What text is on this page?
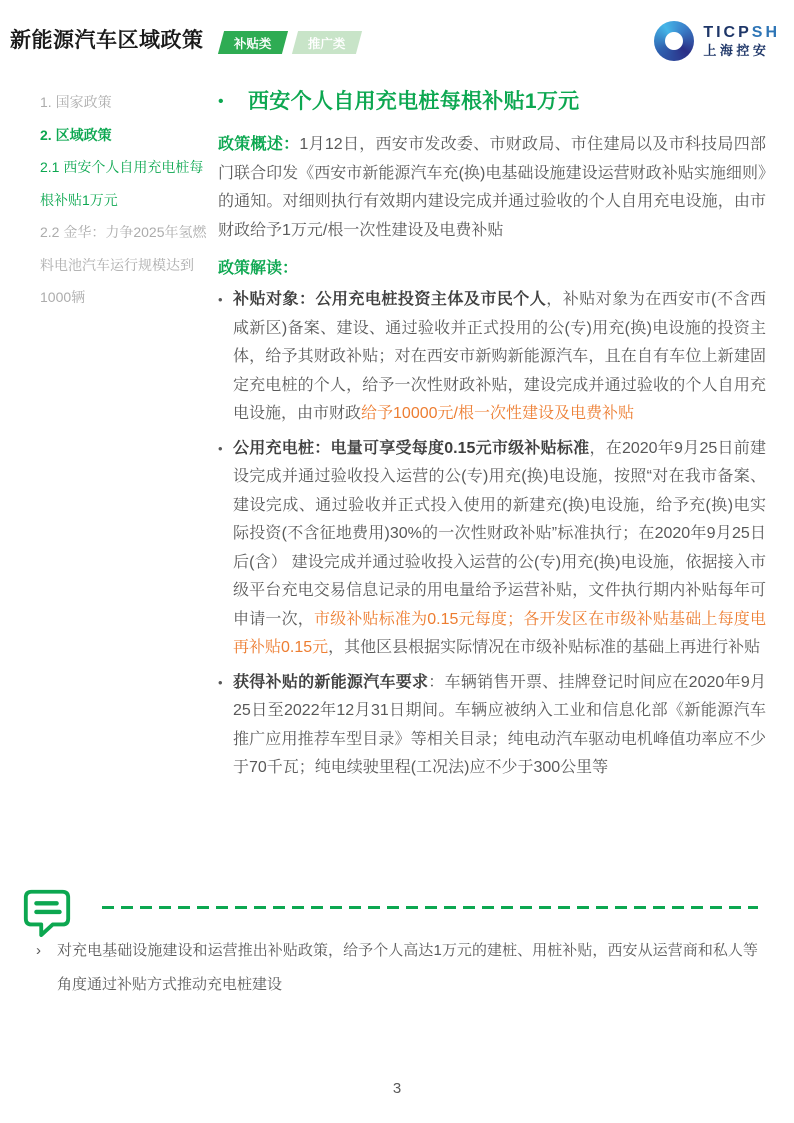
新能源汽车区域政策 补贴类	推广类
TICPSH
上海控安
1. 国家政策
2. 区域政策
2.1 西安个人自用充电桩每根补贴1万元
2.2 金华：力争2025年氢燃料电池汽车运行规模达到1000辆
•	西安个人自用充电桩每根补贴1万元

政策概述：1月12日，西安市发改委、市财政局、市住建局以及市科技局四部门联合印发《西安市新能源汽车充(换)电基础设施建设运营财政补贴实施细则》的通知。对细则执行有效期内建设完成并通过验收的个人自用充电设施，由市财政给予1万元/根一次性建设及电费补贴

政策解读：
• 补贴对象：公用充电桩投资主体及市民个人，补贴对象为在西安市(不含西咸新区)备案、建设、通过验收并正式投用的公(专)用充(换)电设施的投资主体，给予其财政补贴；对在西安市新购新能源汽车，且在自有车位上新建固定充电桩的个人，给予一次性财政补贴，建设完成并通过验收的个人自用充电设施，由市财政给予10000元/根一次性建设及电费补贴
• 公用充电桩：电量可享受每度0.15元市级补贴标准，在2020年9月25日前建设完成并通过验收投入运营的公(专)用充(换)电设施，按照“对在我市备案、建设完成、通过验收并正式投入使用的新建充(换)电设施，给予充(换)电实际投资(不含征地费用)30%的一次性财政补贴”标准执行；在2020年9月25日后(含） 建设完成并通过验收投入运营的公(专)用充(换)电设施，依据接入市级平台充电交易信息记录的用电量给予运营补贴，文件执行期内补贴每年可申请一次，市级补贴标准为0.15元每度；各开发区在市级补贴基础上每度电再补贴0.15元，其他区县根据实际情况在市级补贴标准的基础上再进行补贴
• 获得补贴的新能源汽车要求：车辆销售开票、挂牌登记时间应在2020年9月25日至2022年12月31日期间。车辆应被纳入工业和信息化部《新能源汽车推广应用推荐车型目录》等相关目录；纯电动汽车驱动电机峰值功率应不少于70千瓦；纯电续驶里程(工况法)应不少于300公里等
›	对充电基础设施建设和运营推出补贴政策，给予个人高达1万元的建桩、用桩补贴，西安从运营商和私人等角度通过补贴方式推动充电桩建设
3
